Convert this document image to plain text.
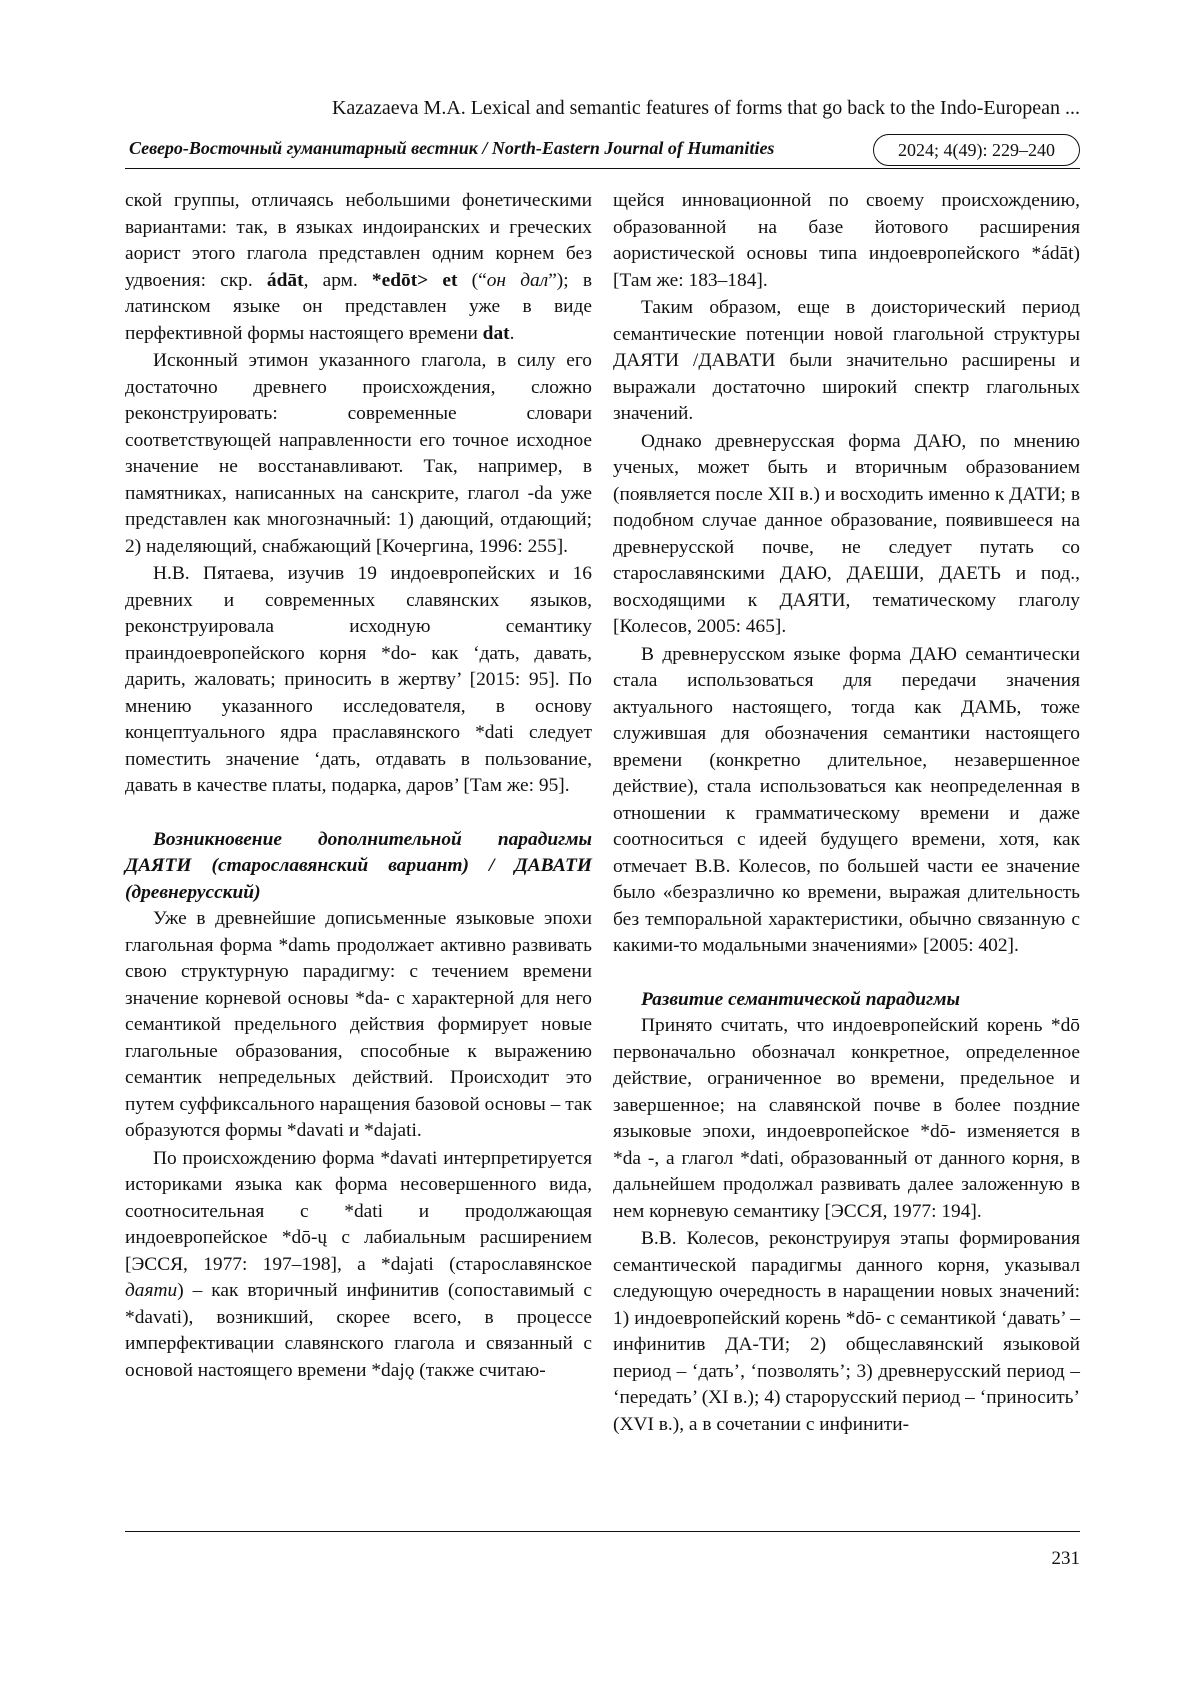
Kazazaeva M.A. Lexical and semantic features of forms that go back to the Indo-European ...
Северо-Восточный гуманитарный вестник / North-Eastern Journal of Humanities	2024; 4(49): 229–240

ской группы, отличаясь небольшими фонетическими вариантами: так, в языках индоиранских и греческих аорист этого глагола представлен одним корнем без удвоения: скр. ádāt, арм. *edōt> et (“он дал”); в латинском языке он представлен уже в виде перфективной формы настоящего времени dat.

Исконный этимон указанного глагола, в силу его достаточно древнего происхождения, сложно реконструировать: современные словари соответствующей направленности его точное исходное значение не восстанавливают. Так, например, в памятниках, написанных на санскрите, глагол -da уже представлен как многозначный: 1) дающий, отдающий; 2) наделяющий, снабжающий [Кочергина, 1996: 255].

Н.В. Пятаева, изучив 19 индоевропейских и 16 древних и современных славянских языков, реконструировала исходную семантику праиндоевропейского корня *do- как ‘дать, давать, дарить, жаловать; приносить в жертву’ [2015: 95]. По мнению указанного исследователя, в основу концептуального ядра праславянского *dati следует поместить значение ‘дать, отдавать в пользование, давать в качестве платы, подарка, даров’ [Там же: 95].

Возникновение дополнительной парадигмы ДАЯТИ (старославянский вариант) / ДАВАТИ (древнерусский)

Уже в древнейшие дописьменные языковые эпохи глагольная форма *damь продолжает активно развивать свою структурную парадигму: с течением времени значение корневой основы *da- с характерной для него семантикой предельного действия формирует новые глагольные образования, способные к выражению семантик непредельных действий. Происходит это путем суффиксального наращения базовой основы – так образуются формы *davati и *dajati.

По происхождению форма *davati интерпретируется историками языка как форма несовершенного вида, соотносительная с *dati и продолжающая индоевропейское *dō-ų с лабиальным расширением [ЭССЯ, 1977: 197–198], а *dajati (старославянское даяти) – как вторичный инфинитив (сопоставимый с *davati), возникший, скорее всего, в процессе имперфективации славянского глагола и связанный с основой настоящего времени *dajǫ (также считаю-

щейся инновационной по своему происхождению, образованной на базе йотового расширения аористической основы типа индоевропейского *ádāt) [Там же: 183–184].

Таким образом, еще в доисторический период семантические потенции новой глагольной структуры ДАЯТИ /ДАВАТИ были значительно расширены и выражали достаточно широкий спектр глагольных значений.

Однако древнерусская форма ДАЮ, по мнению ученых, может быть и вторичным образованием (появляется после XII в.) и восходить именно к ДАТИ; в подобном случае данное образование, появившееся на древнерусской почве, не следует путать со старославянскими ДАЮ, ДАЕШИ, ДАЕТЬ и под., восходящими к ДАЯТИ, тематическому глаголу [Колесов, 2005: 465].

В древнерусском языке форма ДАЮ семантически стала использоваться для передачи значения актуального настоящего, тогда как ДАМЬ, тоже служившая для обозначения семантики настоящего времени (конкретно длительное, незавершенное действие), стала использоваться как неопределенная в отношении к грамматическому времени и даже соотноситься с идеей будущего времени, хотя, как отмечает В.В. Колесов, по большей части ее значение было «безразлично ко времени, выражая длительность без темпоральной характеристики, обычно связанную с какими-то модальными значениями» [2005: 402].

Развитие семантической парадигмы

Принято считать, что индоевропейский корень *dō первоначально обозначал конкретное, определенное действие, ограниченное во времени, предельное и завершенное; на славянской почве в более поздние языковые эпохи, индоевропейское *dō- изменяется в *da -, а глагол *dati, образованный от данного корня, в дальнейшем продолжал развивать далее заложенную в нем корневую семантику [ЭССЯ, 1977: 194].

В.В. Колесов, реконструируя этапы формирования семантической парадигмы данного корня, указывал следующую очередность в наращении новых значений: 1) индоевропейский корень *dō- с семантикой ‘давать’ – инфинитив ДА-ТИ; 2) общеславянский языковой период – ‘дать’, ‘позволять’; 3) древнерусский период – ‘передать’ (XI в.); 4) старорусский период – ‘приносить’ (XVI в.), а в сочетании с инфинити-

231
